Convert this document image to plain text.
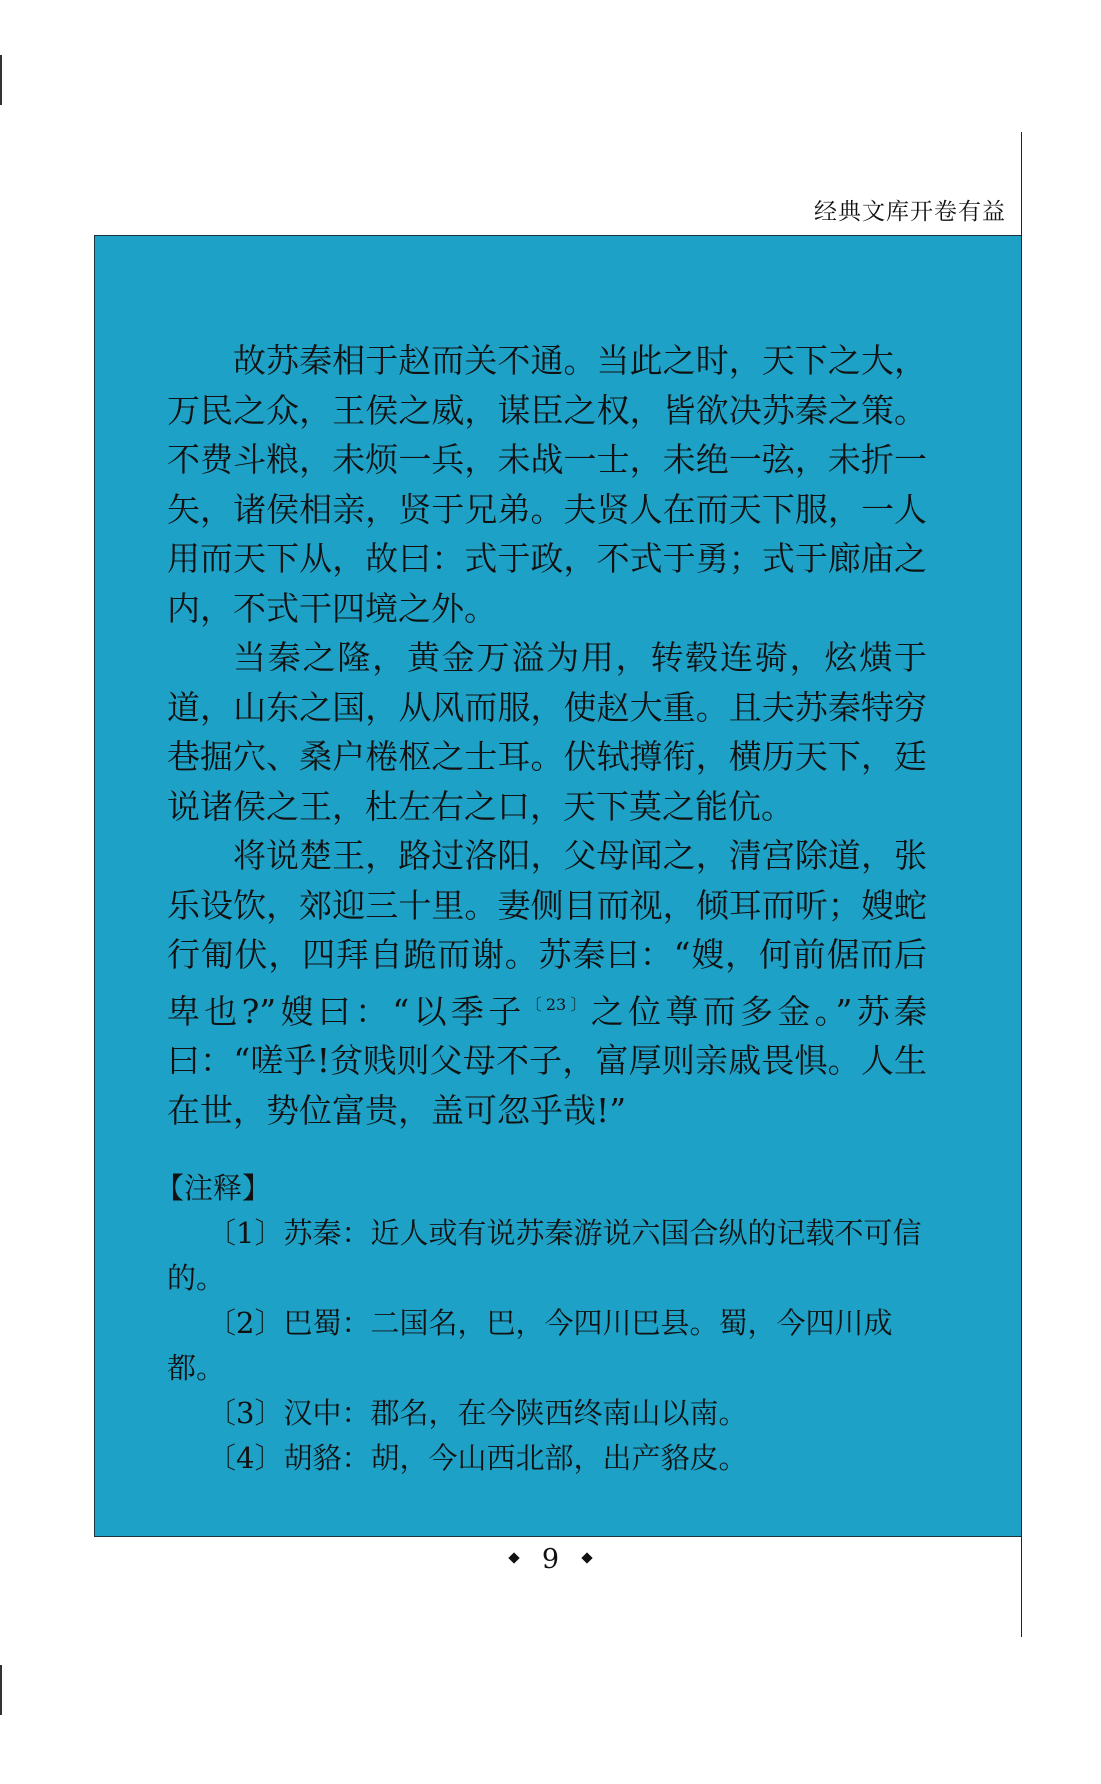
经典文库开卷有益

故苏秦相于赵而关不通。当此之时，天下之大，万民之众，王侯之威，谋臣之权，皆欲决苏秦之策。不费斗粮，未烦一兵，未战一士，未绝一弦，未折一矢，诸侯相亲，贤于兄弟。夫贤人在而天下服，一人用而天下从，故曰：式于政，不式于勇；式于廊庙之内，不式干四境之外。

当秦之隆，黄金万溢为用，转毂连骑，炫熿于道，山东之国，从风而服，使赵大重。且夫苏秦特穷巷掘穴、桑户棬枢之士耳。伏轼撙衔，横历天下，廷说诸侯之王，杜左右之口，天下莫之能伉。

将说楚王，路过洛阳，父母闻之，清宫除道，张乐设饮，郊迎三十里。妻侧目而视，倾耳而听；嫂蛇行匍伏，四拜自跪而谢。苏秦曰：“嫂，何前倨而后卑也?”嫂曰：“以季子$^{〔23〕}$之位尊而多金。”苏秦曰：“嗟乎!贫贱则父母不子，富厚则亲戚畏惧。人生在世，势位富贵，盖可忽乎哉!”

【注释】

〔1〕苏秦：近人或有说苏秦游说六国合纵的记载不可信的。

〔2〕巴蜀：二国名，巴，今四川巴县。蜀，今四川成都。

〔3〕汉中：郡名，在今陕西终南山以南。

〔4〕胡貉：胡，今山西北部，出产貉皮。

9
